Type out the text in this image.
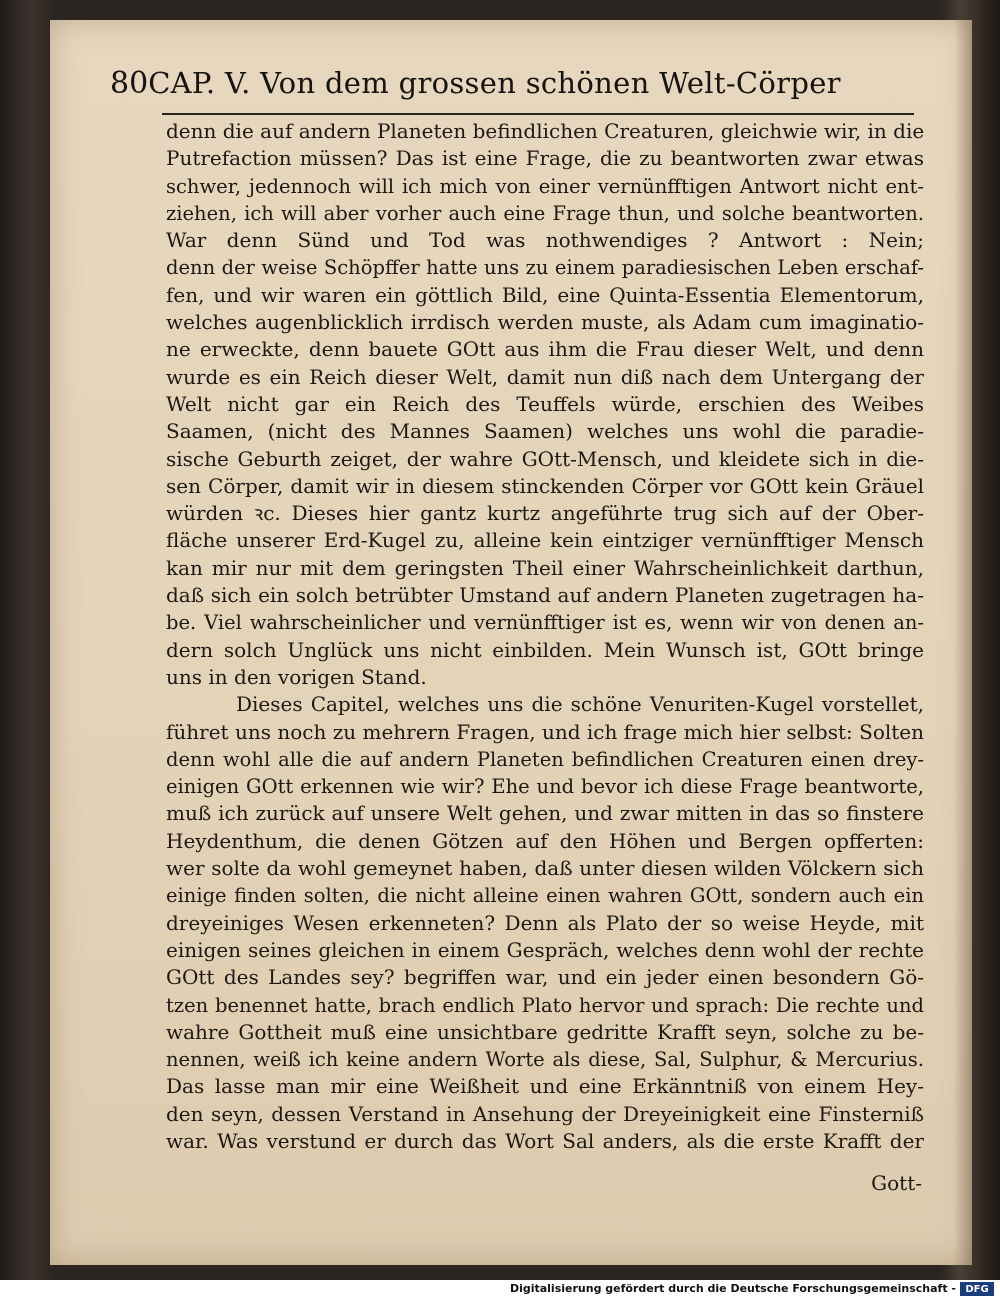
80 CAP. V. Von dem grossen schönen Welt-Cörper
denn die auf andern Planeten befindlichen Creaturen, gleichwie wir, in die
Putrefaction müssen? Das ist eine Frage, die zu beantworten zwar etwas
schwer, jedennoch will ich mich von einer vernünfftigen Antwort nicht ent-
ziehen, ich will aber vorher auch eine Frage thun, und solche beantworten.
War denn Sünd und Tod was nothwendiges ? Antwort : Nein;
denn der weise Schöpffer hatte uns zu einem paradiesischen Leben erschaf-
fen, und wir waren ein göttlich Bild, eine Quinta-Essentia Elementorum,
welches augenblicklich irrdisch werden muste, als Adam cum imaginatio-
ne erweckte, denn bauete GOtt aus ihm die Frau dieser Welt, und denn
wurde es ein Reich dieser Welt, damit nun diß nach dem Untergang der
Welt nicht gar ein Reich des Teuffels würde, erschien des Weibes
Saamen, (nicht des Mannes Saamen) welches uns wohl die paradie-
sische Geburth zeiget, der wahre GOtt-Mensch, und kleidete sich in die-
sen Cörper, damit wir in diesem stinckenden Cörper vor GOtt kein Gräuel
würden ꝛc. Dieses hier gantz kurtz angeführte trug sich auf der Ober-
fläche unserer Erd-Kugel zu, alleine kein eintziger vernünfftiger Mensch
kan mir nur mit dem geringsten Theil einer Wahrscheinlichkeit darthun,
daß sich ein solch betrübter Umstand auf andern Planeten zugetragen ha-
be. Viel wahrscheinlicher und vernünfftiger ist es, wenn wir von denen an-
dern solch Unglück uns nicht einbilden. Mein Wunsch ist, GOtt bringe
uns in den vorigen Stand.
Dieses Capitel, welches uns die schöne Venuriten-Kugel vorstellet,
führet uns noch zu mehrern Fragen, und ich frage mich hier selbst: Solten
denn wohl alle die auf andern Planeten befindlichen Creaturen einen drey-
einigen GOtt erkennen wie wir? Ehe und bevor ich diese Frage beantworte,
muß ich zurück auf unsere Welt gehen, und zwar mitten in das so finstere
Heydenthum, die denen Götzen auf den Höhen und Bergen opfferten:
wer solte da wohl gemeynet haben, daß unter diesen wilden Völckern sich
einige finden solten, die nicht alleine einen wahren GOtt, sondern auch ein
dreyeiniges Wesen erkenneten? Denn als Plato der so weise Heyde, mit
einigen seines gleichen in einem Gespräch, welches denn wohl der rechte
GOtt des Landes sey? begriffen war, und ein jeder einen besondern Gö-
tzen benennet hatte, brach endlich Plato hervor und sprach: Die rechte und
wahre Gottheit muß eine unsichtbare gedritte Krafft seyn, solche zu be-
nennen, weiß ich keine andern Worte als diese, Sal, Sulphur, & Mercurius.
Das lasse man mir eine Weißheit und eine Erkänntniß von einem Hey-
den seyn, dessen Verstand in Ansehung der Dreyeinigkeit eine Finsterniß
war. Was verstund er durch das Wort Sal anders, als die erste Krafft der
Gott-
Digitalisierung gefördert durch die Deutsche Forschungsgemeinschaft - DFG
